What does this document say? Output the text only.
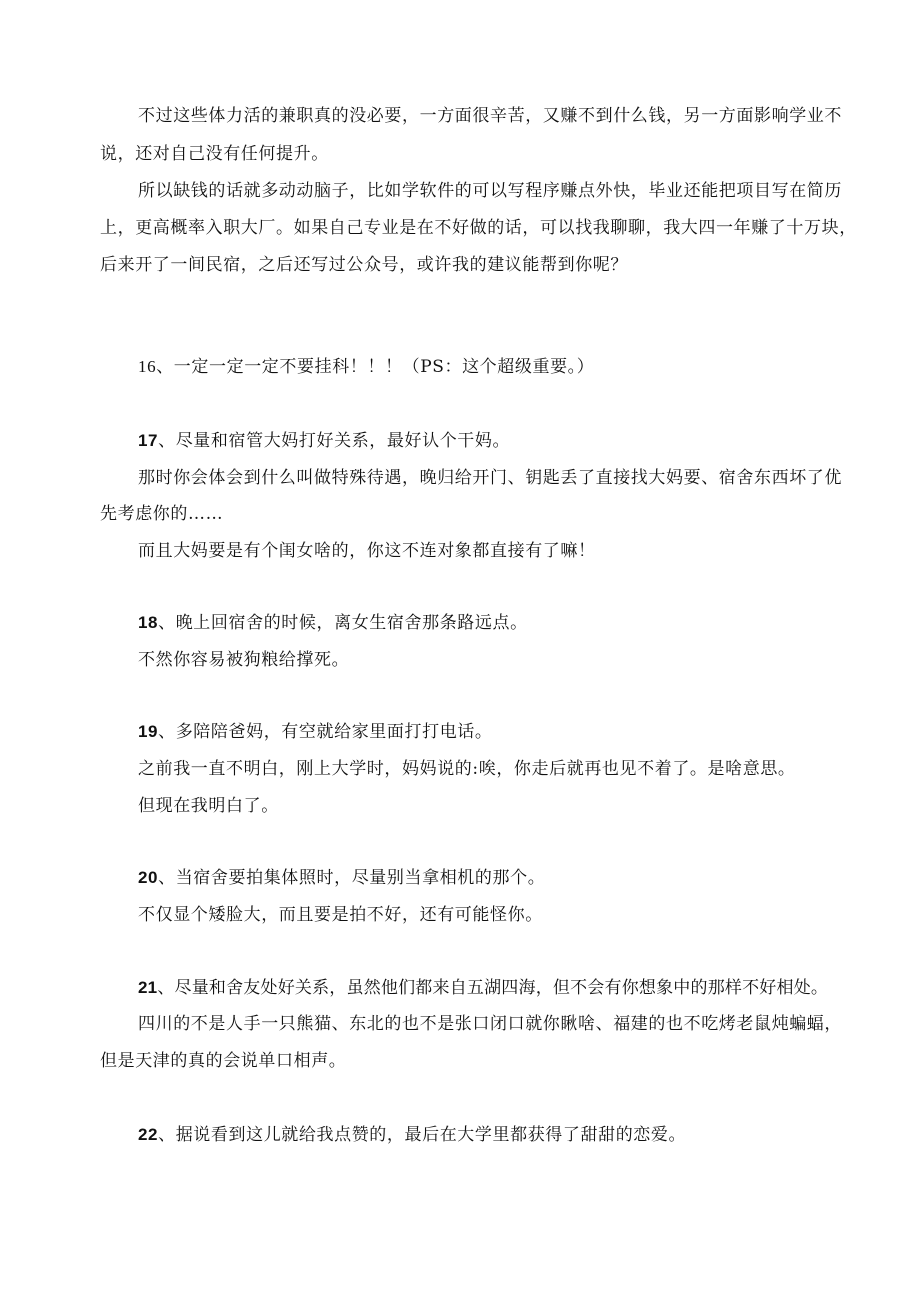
不过这些体力活的兼职真的没必要，一方面很辛苦，又赚不到什么钱，另一方面影响学业不
说，还对自己没有任何提升。
所以缺钱的话就多动动脑子，比如学软件的可以写程序赚点外快，毕业还能把项目写在简历
上，更高概率入职大厂。如果自己专业是在不好做的话，可以找我聊聊，我大四一年赚了十万块，
后来开了一间民宿，之后还写过公众号，或许我的建议能帮到你呢？
16、一定一定一定不要挂科！！！（PS：这个超级重要。）
17、尽量和宿管大妈打好关系，最好认个干妈。
那时你会体会到什么叫做特殊待遇，晚归给开门、钥匙丢了直接找大妈要、宿舍东西坏了优
先考虑你的……
而且大妈要是有个闺女啥的，你这不连对象都直接有了嘛！
18、晚上回宿舍的时候，离女生宿舍那条路远点。
不然你容易被狗粮给撑死。
19、多陪陪爸妈，有空就给家里面打打电话。
之前我一直不明白，刚上大学时，妈妈说的:唉，你走后就再也见不着了。是啥意思。
但现在我明白了。
20、当宿舍要拍集体照时，尽量别当拿相机的那个。
不仅显个矮脸大，而且要是拍不好，还有可能怪你。
21、尽量和舍友处好关系，虽然他们都来自五湖四海，但不会有你想象中的那样不好相处。
四川的不是人手一只熊猫、东北的也不是张口闭口就你瞅啥、福建的也不吃烤老鼠炖蝙蝠，
但是天津的真的会说单口相声。
22、据说看到这儿就给我点赞的，最后在大学里都获得了甜甜的恋爱。
